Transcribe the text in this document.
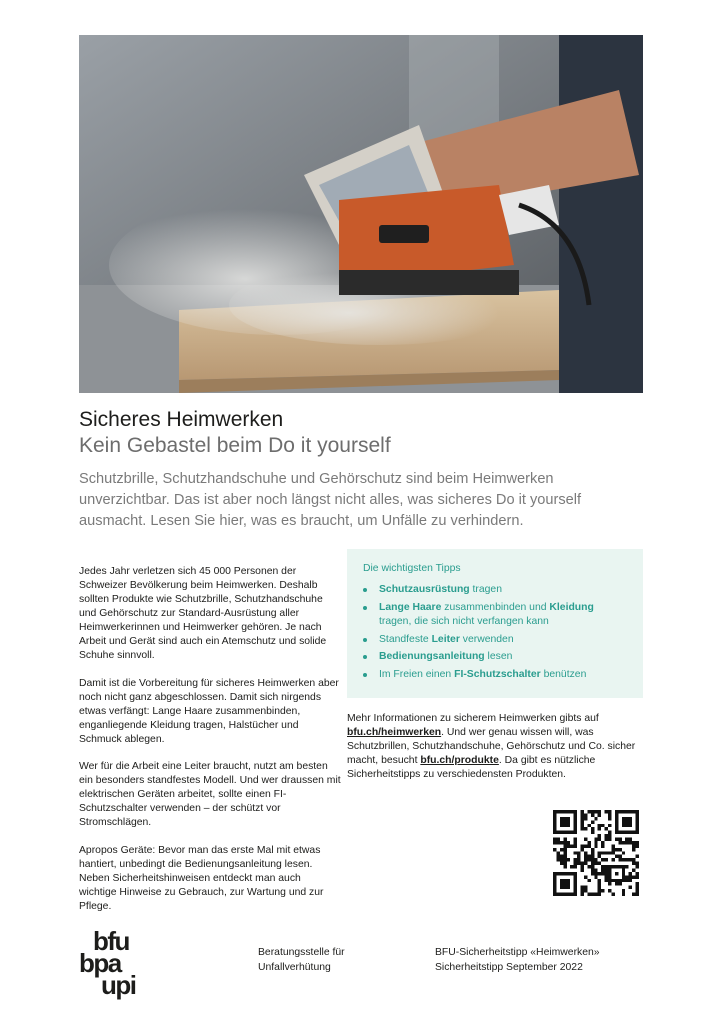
Sicheres Heimwerken
Kein Gebastel beim Do it yourself
Schutzbrille, Schutzhandschuhe und Gehörschutz sind beim Heimwerken unverzichtbar. Das ist aber noch längst nicht alles, was sicheres Do it yourself ausmacht. Lesen Sie hier, was es braucht, um Unfälle zu verhindern.

Jedes Jahr verletzen sich 45 000 Personen der Schweizer Bevölkerung beim Heimwerken. Deshalb sollten Produkte wie Schutzbrille, Schutzhandschuhe und Gehörschutz zur Standard-Ausrüstung aller Heimwerkerinnen und Heimwerker gehören. Je nach Arbeit und Gerät sind auch ein Atemschutz und solide Schuhe sinnvoll.

Damit ist die Vorbereitung für sicheres Heimwerken aber noch nicht ganz abgeschlossen. Damit sich nirgends etwas verfängt: Lange Haare zusammenbinden, enganliegende Kleidung tragen, Halstücher und Schmuck ablegen.

Wer für die Arbeit eine Leiter braucht, nutzt am besten ein besonders standfestes Modell. Und wer draussen mit elektrischen Geräten arbeitet, sollte einen FI-Schutzschalter verwenden – der schützt vor Stromschlägen.

Apropos Geräte: Bevor man das erste Mal mit etwas hantiert, unbedingt die Bedienungsanleitung lesen. Neben Sicherheitshinweisen entdeckt man auch wichtige Hinweise zu Gebrauch, zur Wartung und zur Pflege.

Die wichtigsten Tipps
Schutzausrüstung tragen
Lange Haare zusammenbinden und Kleidung tragen, die sich nicht verfangen kann
Standfeste Leiter verwenden
Bedienungsanleitung lesen
Im Freien einen FI-Schutzschalter benützen
Mehr Informationen zu sicherem Heimwerken gibts auf bfu.ch/heimwerken. Und wer genau wissen will, was Schutzbrillen, Schutzhandschuhe, Gehörschutz und Co. sicher macht, besucht bfu.ch/produkte. Da gibt es nützliche Sicherheitstipps zu verschiedensten Produkten.
bfu
bpa
upi
Beratungsstelle für
Unfallverhütung
BFU-Sicherheitstipp «Heimwerken»
Sicherheitstipp September 2022
